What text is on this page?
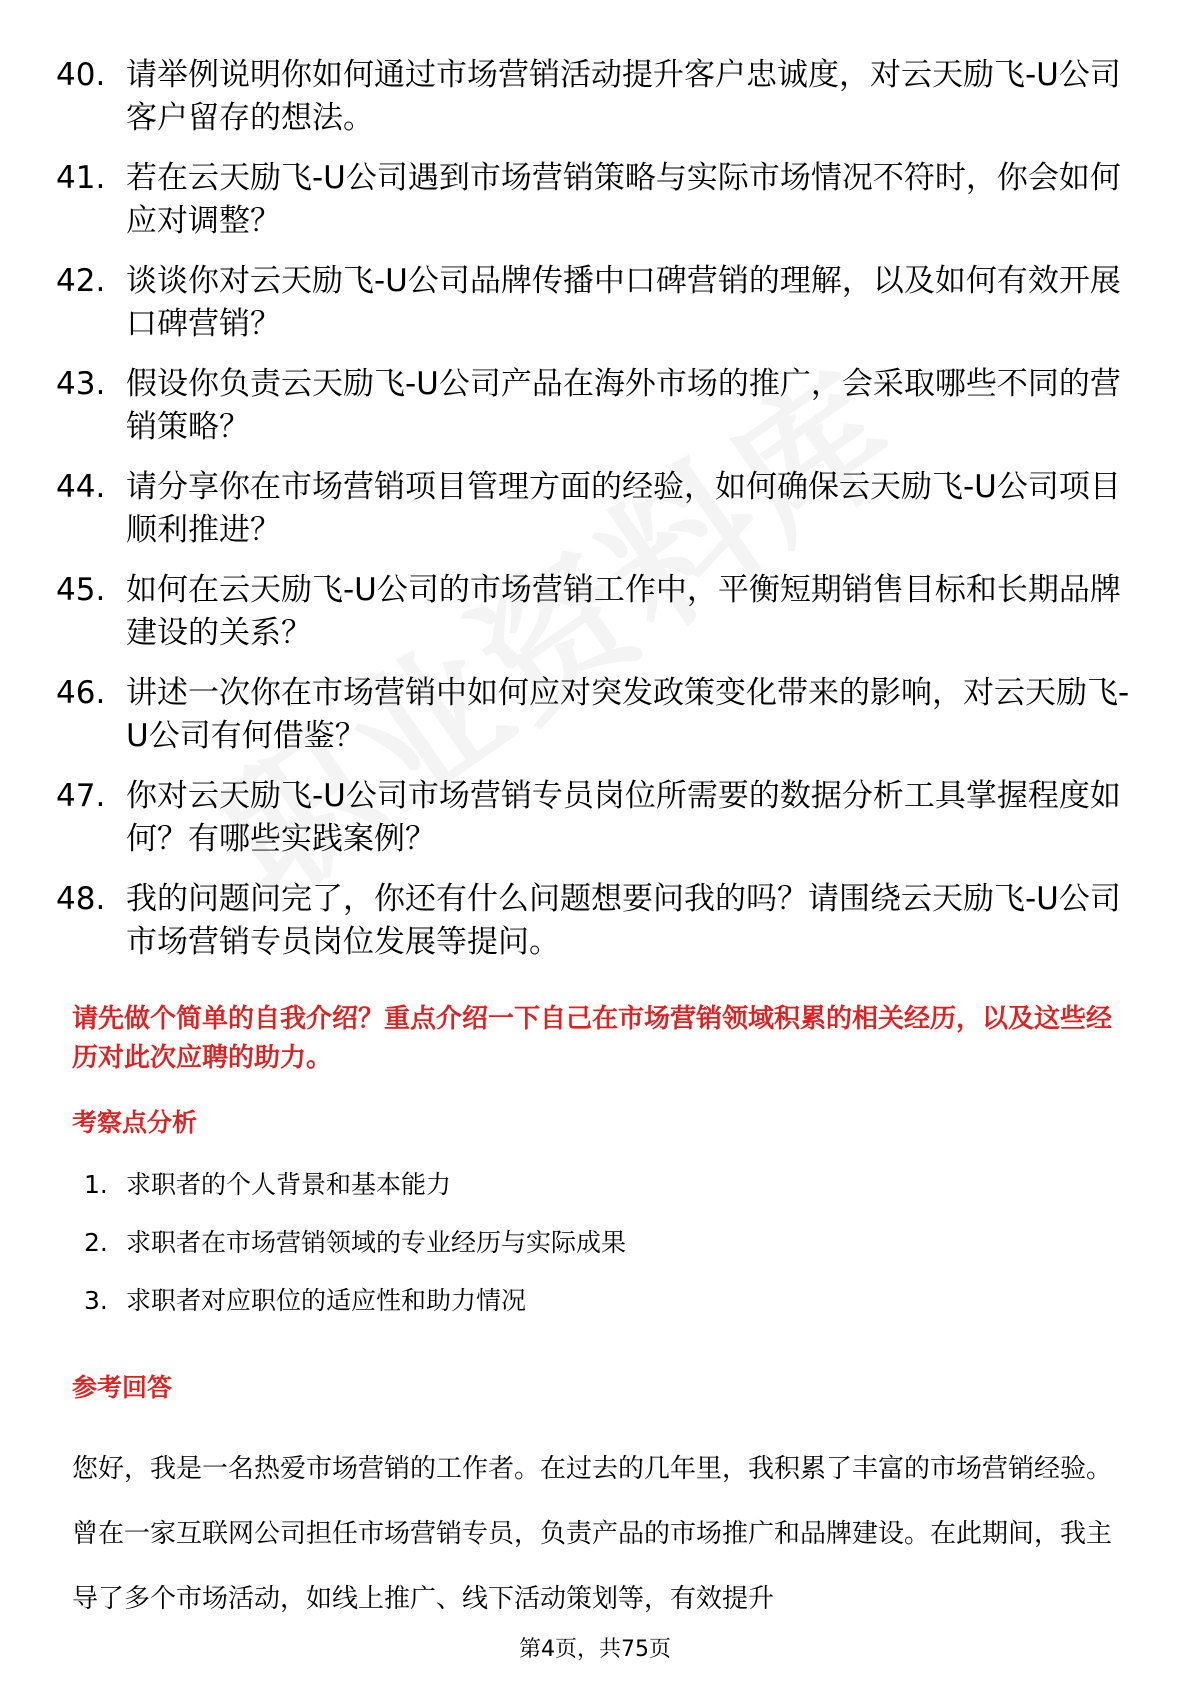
40. 请举例说明你如何通过市场营销活动提升客户忠诚度，对云天励飞-U公司客户留存的想法。
41. 若在云天励飞-U公司遇到市场营销策略与实际市场情况不符时，你会如何应对调整？
42. 谈谈你对云天励飞-U公司品牌传播中口碑营销的理解，以及如何有效开展口碑营销？
43. 假设你负责云天励飞-U公司产品在海外市场的推广，会采取哪些不同的营销策略？
44. 请分享你在市场营销项目管理方面的经验，如何确保云天励飞-U公司项目顺利推进？
45. 如何在云天励飞-U公司的市场营销工作中，平衡短期销售目标和长期品牌建设的关系？
46. 讲述一次你在市场营销中如何应对突发政策变化带来的影响，对云天励飞-U公司有何借鉴？
47. 你对云天励飞-U公司市场营销专员岗位所需要的数据分析工具掌握程度如何？有哪些实践案例？
48. 我的问题问完了，你还有什么问题想要问我的吗？请围绕云天励飞-U公司市场营销专员岗位发展等提问。
请先做个简单的自我介绍？重点介绍一下自己在市场营销领域积累的相关经历，以及这些经历对此次应聘的助力。
考察点分析
1. 求职者的个人背景和基本能力
2. 求职者在市场营销领域的专业经历与实际成果
3. 求职者对应职位的适应性和助力情况
参考回答
您好，我是一名热爱市场营销的工作者。在过去的几年里，我积累了丰富的市场营销经验。曾在一家互联网公司担任市场营销专员，负责产品的市场推广和品牌建设。在此期间，我主导了多个市场活动，如线上推广、线下活动策划等，有效提升
第4页，共75页
